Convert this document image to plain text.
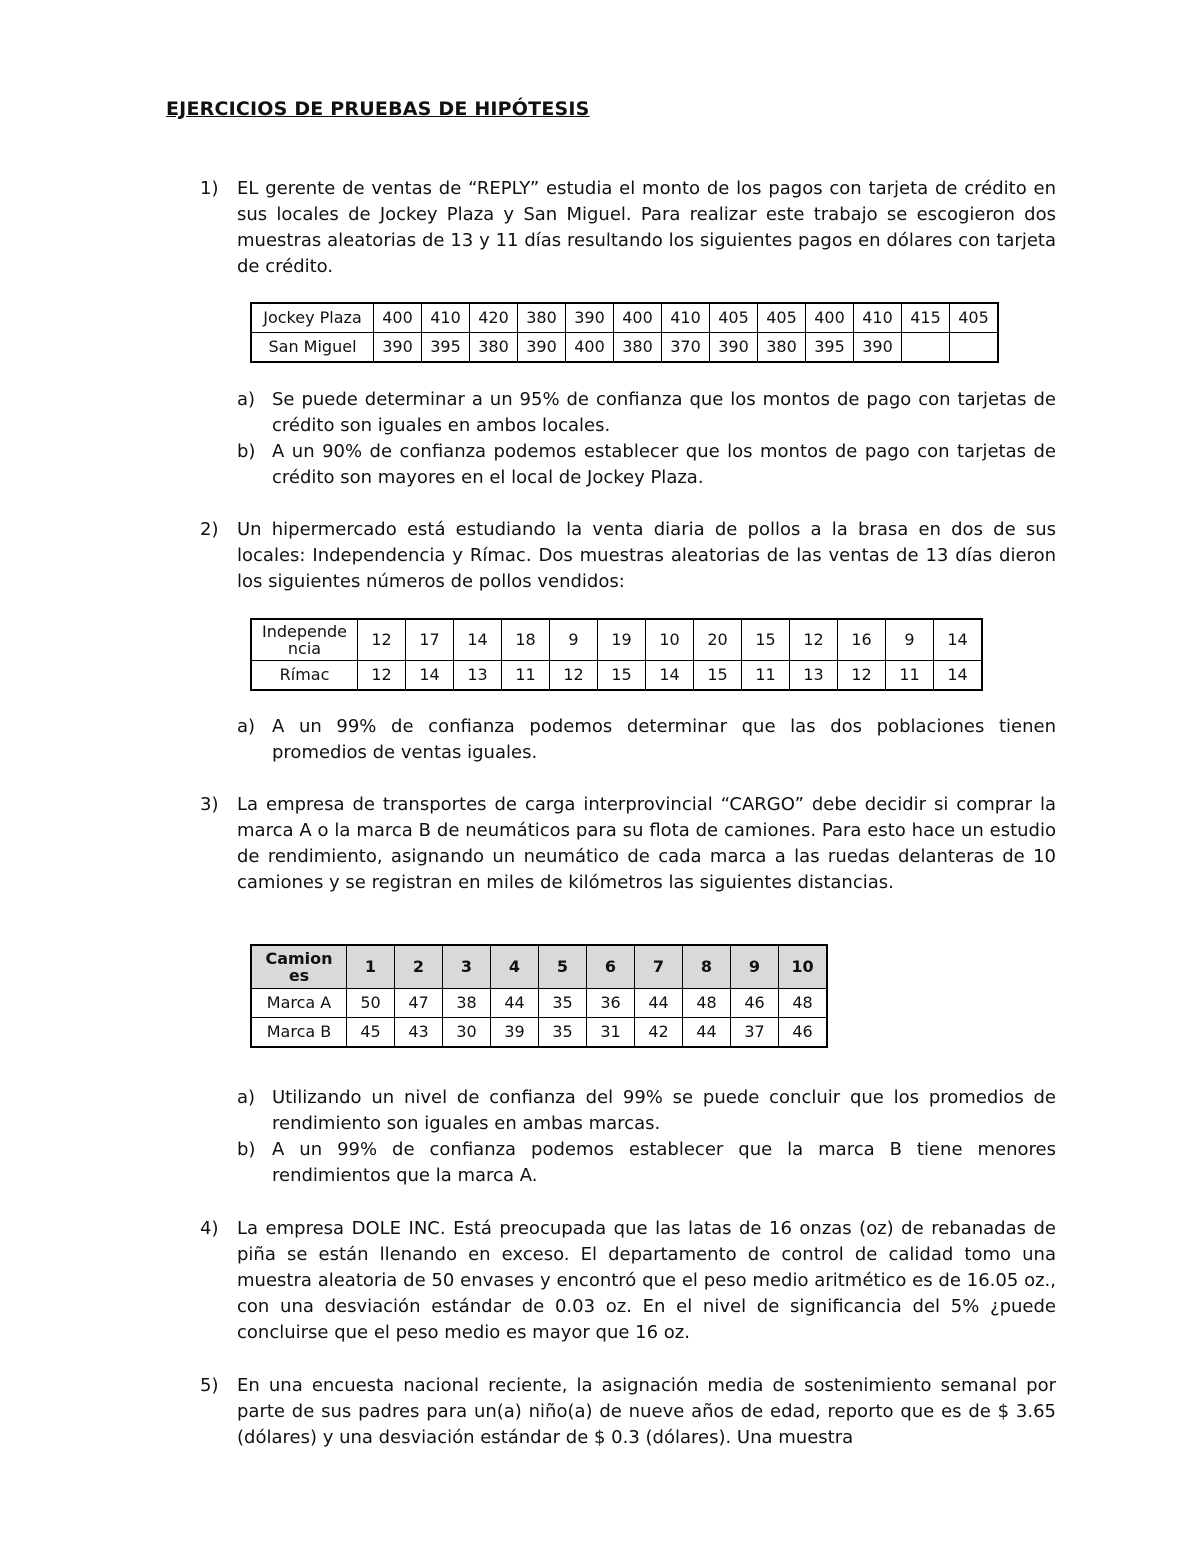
EJERCICIOS DE PRUEBAS DE HIPÓTESIS
1) EL gerente de ventas de “REPLY” estudia el monto de los pagos con tarjeta de crédito en sus locales de Jockey Plaza y San Miguel. Para realizar este trabajo se escogieron dos muestras aleatorias de 13 y 11 días resultando los siguientes pagos en dólares con tarjeta de crédito.
Jockey Plaza	400	410	420	380	390	400	410	405	405	400	410	415	405
San Miguel	390	395	380	390	400	380	370	390	380	395	390		
a) Se puede determinar a un 95% de confianza que los montos de pago con tarjetas de crédito son iguales en ambos locales.
b) A un 90% de confianza podemos establecer que los montos de pago con tarjetas de crédito son mayores en el local de Jockey Plaza.
2) Un hipermercado está estudiando la venta diaria de pollos a la brasa en dos de sus locales: Independencia y Rímac. Dos muestras aleatorias de las ventas de 13 días dieron los siguientes números de pollos vendidos:
Independe
ncia	12	17	14	18	9	19	10	20	15	12	16	9	14
Rímac	12	14	13	11	12	15	14	15	11	13	12	11	14
a) A un 99% de confianza podemos determinar que las dos poblaciones tienen promedios de ventas iguales.
3) La empresa de transportes de carga interprovincial “CARGO” debe decidir si comprar la marca A o la marca B de neumáticos para su flota de camiones. Para esto hace un estudio de rendimiento, asignando un neumático de cada marca a las ruedas delanteras de 10 camiones y se registran en miles de kilómetros las siguientes distancias.
Camion
es	1	2	3	4	5	6	7	8	9	10
Marca A	50	47	38	44	35	36	44	48	46	48
Marca B	45	43	30	39	35	31	42	44	37	46
a) Utilizando un nivel de confianza del 99% se puede concluir que los promedios de rendimiento son iguales en ambas marcas.
b) A un 99% de confianza podemos establecer que la marca B tiene menores rendimientos que la marca A.
4) La empresa DOLE INC. Está preocupada que las latas de 16 onzas (oz) de rebanadas de piña se están llenando en exceso. El departamento de control de calidad tomo una muestra aleatoria de 50 envases y encontró que el peso medio aritmético es de 16.05 oz., con una desviación estándar de 0.03 oz. En el nivel de significancia del 5% ¿puede concluirse que el peso medio es mayor que 16 oz.
5) En una encuesta nacional reciente, la asignación media de sostenimiento semanal por parte de sus padres para un(a) niño(a) de nueve años de edad, reporto que es de $ 3.65 (dólares) y una desviación estándar de $ 0.3 (dólares). Una muestra
